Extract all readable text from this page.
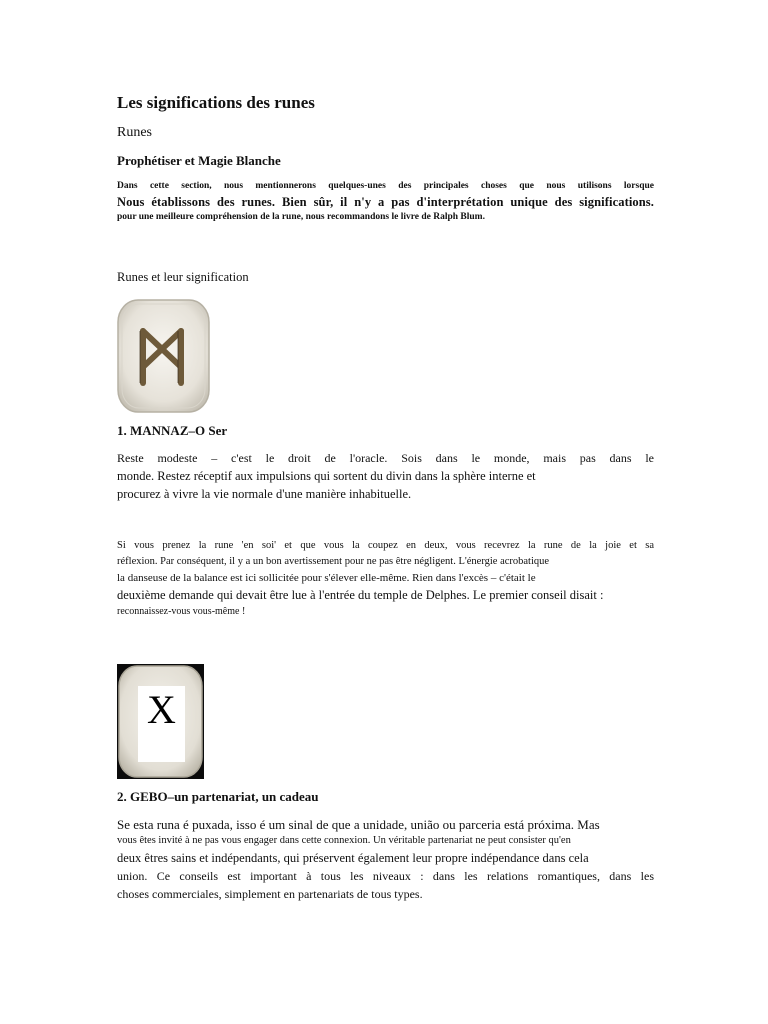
Les significations des runes
Runes
Prophétiser et Magie Blanche

Dans cette section, nous mentionnerons quelques-unes des principales choses que nous utilisons lorsque

Nous établissons des runes. Bien sûr, il n'y a pas d'interprétation unique des significations.

pour une meilleure compréhension de la rune, nous recommandons le livre de Ralph Blum.

Runes et leur signification
1. MANNAZ–O Ser

Reste modeste – c'est le droit de l'oracle. Sois dans le monde, mais pas dans le

monde. Restez réceptif aux impulsions qui sortent du divin dans la sphère interne et

procurez à vivre la vie normale d'une manière inhabituelle.

Si vous prenez la rune 'en soi' et que vous la coupez en deux, vous recevrez la rune de la joie et sa

réflexion. Par conséquent, il y a un bon avertissement pour ne pas être négligent. L'énergie acrobatique

la danseuse de la balance est ici sollicitée pour s'élever elle-même. Rien dans l'excès – c'était le

deuxième demande qui devait être lue à l'entrée du temple de Delphes. Le premier conseil disait :

reconnaissez-vous vous-même !

X
2. GEBO–un partenariat, un cadeau

Se esta runa é puxada, isso é um sinal de que a unidade, união ou parceria está próxima. Mas

vous êtes invité à ne pas vous engager dans cette connexion. Un véritable partenariat ne peut consister qu'en

deux êtres sains et indépendants, qui préservent également leur propre indépendance dans cela

union. Ce conseils est important à tous les niveaux : dans les relations romantiques, dans les

choses commerciales, simplement en partenariats de tous types.
